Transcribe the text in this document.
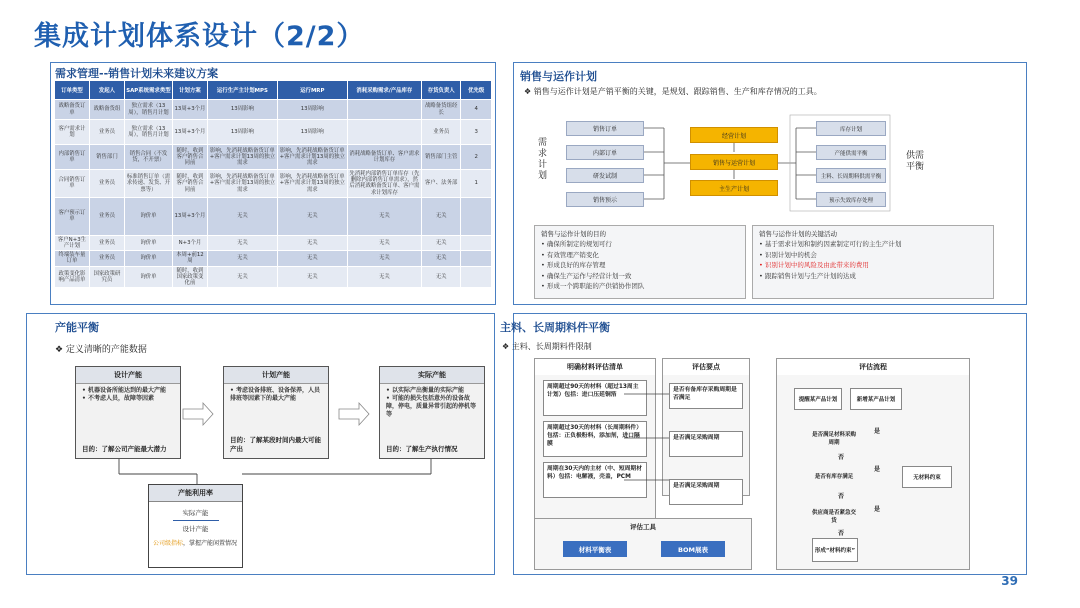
集成计划体系设计（2/2）
需求管理--销售计划未来建议方案
订单类型	发起人	SAP系统需求类型	计划方案	运行生产主计划MPS	运行MRP	消耗采购需求/产品库存	存货负责人	优先级
战略备货订单	战略备货组	独立需求（13周），销售月计划	13周+3个月	13周影响	13周影响		战略备货组经长	4
客户需求计划	业务员	独立需求（13周），销售月计划	13周+3个月	13周影响	13周影响		业务员	3
内部销售订单	销售部门	销售合同（不发货，不开票）	随时，收到客户销售合同前	影响，先消耗战略备货订单+客户需求计划13周的独立需求	影响，先消耗战略备货订单+客户需求计划13周的独立需求	消耗战略备货订单、客户需求计划库存	销售部门主管	2
合同销售订单	业务员	标准销售订单（需求传递、发货、开票等）	随时，收到客户销售合同前	影响，先消耗战略备货订单+客户需求计划13周的独立需求	影响，先消耗战略备货订单+客户需求计划13周的独立需求	先消耗内部销售订单库存（先删除内部销售订单需求），然后消耗战略备货订单、客户需求计划库存	客户、法务部	1
客户预示订单	业务员	询价单	13周+3个月	无关	无关	无关	无关	
客户N+3生产计划	业务员	询价单	N+3个月	无关	无关	无关	无关	
终端装车量订单	业务员	询价单	本周+前12周	无关	无关	无关	无关	
政策变化影响产品清单	国家政策研究员	询价单	随时，收到国家政策变化前	无关	无关	无关	无关	
销售与运作计划
❖ 销售与运作计划是产销平衡的关键，是规划、跟踪销售、生产和库存情况的工具。
需求计划
供需平衡
销售与运作计划的目的
• 确保所制定的规划可行
• 有效管理产销变化
• 形成良好的库存管理
• 确保生产运作与经营计划一致
• 形成一个跨职能的产供销协作团队
销售与运作计划的关键活动
• 基于需求计划和制约因素制定可行的主生产计划
• 识别计划中的机会
• 识别计划中的风险及由此带来的费用
• 跟踪销售计划与生产计划的达成
销售订单
内部订单
研发试制
销售预示
经营计划
销售与运营计划
主生产计划
库存计划
产能供需平衡
主料、长周期料供需平衡
预示失效库存处理
产能平衡
❖ 定义清晰的产能数据
产能利用率
实际产能
设计产能
公司级指标，掌握产能闲置情况
设计产能
• 机器设备所能达到的最大产能
• 不考虑人员，故障等因素
目的：了解公司产能最大潜力
计划产能
• 考虑设备排班、设备保养，人员排班等因素下的最大产能
目的：了解某段时间内最大可能产出
实际产能
• 以实际产出衡量的实际产能
• 可能的损失包括意外的设备故障，停电，质量异常引起的停机等等
目的：了解生产执行情况
主料、长周期料件平衡
❖ 主料、长周期料件限制
明确材料评估清单
周期超过90天的材料（超过13周主计划）包括：进口压延铜箔
周期超过30天的材料（长周期料件）包括：正负极粉料，添加剂，进口隔膜
周期在30天内的主材（中、短周期材料）包括：电解液，壳盖，PCM
评估要点
是否有备库存采购周期是否满足
是否满足采购周期
是否满足采购周期
评估工具
材料平衡表	BOM展表
评估流程
提醒某产品计划	新增某产品计划
是否满足材料采购周期
是否有库存满足
供应商是否紧急交货
形成“材料约束”
无材料约束
是
是
是
否
否
否
39
